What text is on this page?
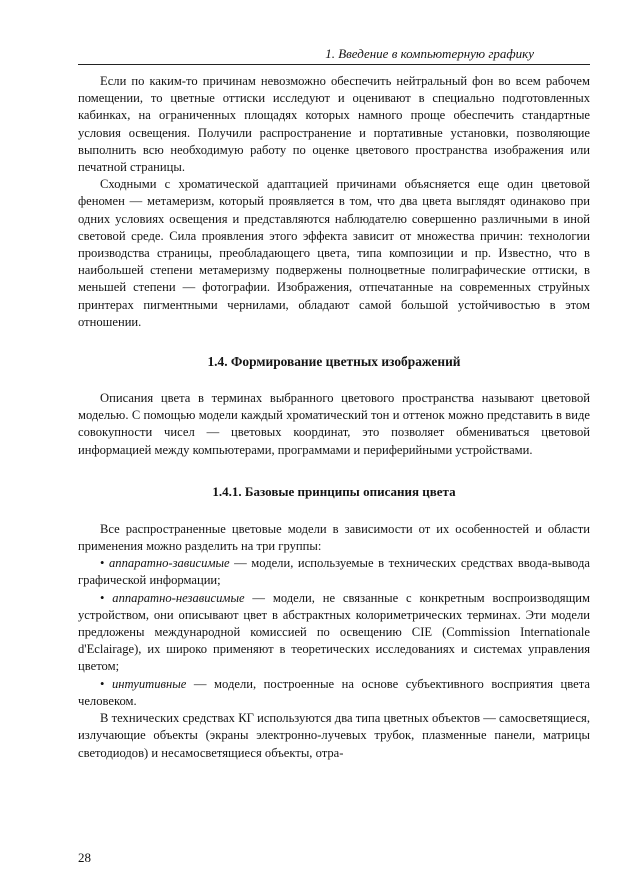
1. Введение в компьютерную графику

Если по каким-то причинам невозможно обеспечить нейтральный фон во всем рабочем помещении, то цветные оттиски исследуют и оценивают в специально подготовленных кабинках, на ограниченных площадях которых намного проще обеспечить стандартные условия освещения. Получили распространение и портативные установки, позволяющие выполнить всю необходимую работу по оценке цветового пространства изображения или печатной страницы.

Сходными с хроматической адаптацией причинами объясняется еще один цветовой феномен — метамеризм, который проявляется в том, что два цвета выглядят одинаково при одних условиях освещения и представляются наблюдателю совершенно различными в иной световой среде. Сила проявления этого эффекта зависит от множества причин: технологии производства страницы, преобладающего цвета, типа композиции и пр. Известно, что в наибольшей степени метамеризму подвержены полноцветные полиграфические оттиски, в меньшей степени — фотографии. Изображения, отпечатанные на современных струйных принтерах пигментными чернилами, обладают самой большой устойчивостью в этом отношении.

1.4. Формирование цветных изображений

Описания цвета в терминах выбранного цветового пространства называют цветовой моделью. С помощью модели каждый хроматический тон и оттенок можно представить в виде совокупности чисел — цветовых координат, это позволяет обмениваться цветовой информацией между компьютерами, программами и периферийными устройствами.

1.4.1. Базовые принципы описания цвета

Все распространенные цветовые модели в зависимости от их особенностей и области применения можно разделить на три группы:

• аппаратно-зависимые — модели, используемые в технических средствах ввода-вывода графической информации;

• аппаратно-независимые — модели, не связанные с конкретным воспроизводящим устройством, они описывают цвет в абстрактных колориметрических терминах. Эти модели предложены международной комиссией по освещению CIE (Commission Internationale d'Eclairage), их широко применяют в теоретических исследованиях и системах управления цветом;

• интуитивные — модели, построенные на основе субъективного восприятия цвета человеком.

В технических средствах КГ используются два типа цветных объектов — самосветящиеся, излучающие объекты (экраны электронно-лучевых трубок, плазменные панели, матрицы светодиодов) и несамосветящиеся объекты, отра-

28
